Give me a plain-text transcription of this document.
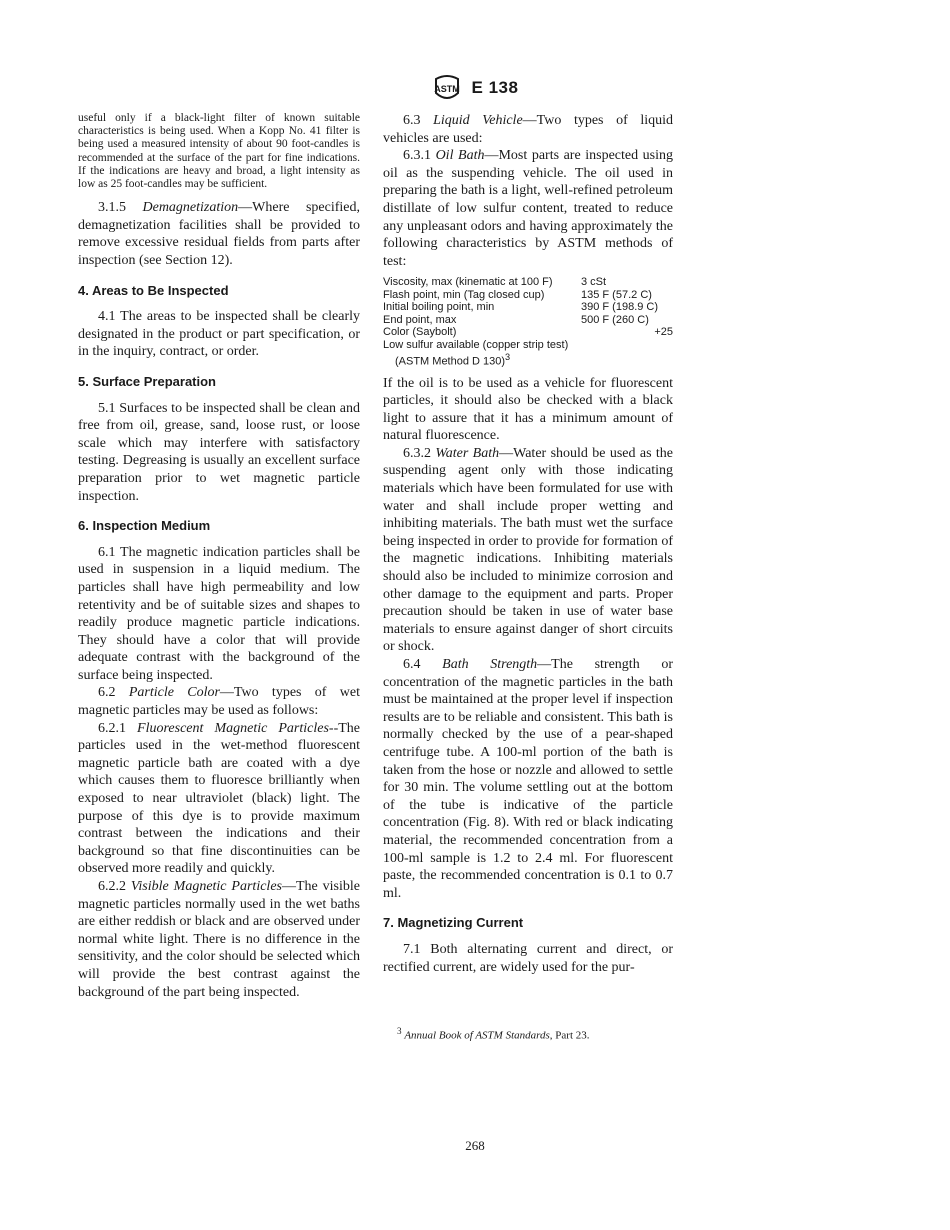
ASTM E 138

useful only if a black-light filter of known suitable characteristics is being used. When a Kopp No. 41 filter is being used a measured intensity of about 90 foot-candles is recommended at the surface of the part for fine indications. If the indications are heavy and broad, a light intensity as low as 25 foot-candles may be sufficient.

3.1.5 Demagnetization—Where specified, demagnetization facilities shall be provided to remove excessive residual fields from parts after inspection (see Section 12).

4. Areas to Be Inspected

4.1 The areas to be inspected shall be clearly designated in the product or part specification, or in the inquiry, contract, or order.

5. Surface Preparation

5.1 Surfaces to be inspected shall be clean and free from oil, grease, sand, loose rust, or loose scale which may interfere with satisfactory testing. Degreasing is usually an excellent surface preparation prior to wet magnetic particle inspection.

6. Inspection Medium

6.1 The magnetic indication particles shall be used in suspension in a liquid medium. The particles shall have high permeability and low retentivity and be of suitable sizes and shapes to readily produce magnetic particle indications. They should have a color that will provide adequate contrast with the background of the surface being inspected.

6.2 Particle Color—Two types of wet magnetic particles may be used as follows:

6.2.1 Fluorescent Magnetic Particles--The particles used in the wet-method fluorescent magnetic particle bath are coated with a dye which causes them to fluoresce brilliantly when exposed to near ultraviolet (black) light. The purpose of this dye is to provide maximum contrast between the indications and their background so that fine discontinuities can be observed more readily and quickly.

6.2.2 Visible Magnetic Particles—The visible magnetic particles normally used in the wet baths are either reddish or black and are observed under normal white light. There is no difference in the sensitivity, and the color should be selected which will provide the best contrast against the background of the part being inspected.

6.3 Liquid Vehicle—Two types of liquid vehicles are used:

6.3.1 Oil Bath—Most parts are inspected using oil as the suspending vehicle. The oil used in preparing the bath is a light, well-refined petroleum distillate of low sulfur content, treated to reduce any unpleasant odors and having approximately the following characteristics by ASTM methods of test:

Viscosity, max (kinematic at 100 F)	3 cSt
Flash point, min (Tag closed cup)	135 F (57.2 C)
Initial boiling point, min	390 F (198.9 C)
End point, max	500 F (260 C)
Color (Saybolt)	+25
Low sulfur available (copper strip test)
(ASTM Method D 130)$^3$

If the oil is to be used as a vehicle for fluorescent particles, it should also be checked with a black light to assure that it has a minimum amount of natural fluorescence.

6.3.2 Water Bath—Water should be used as the suspending agent only with those indicating materials which have been formulated for use with water and shall include proper wetting and inhibiting materials. The bath must wet the surface being inspected in order to provide for formation of the magnetic indications. Inhibiting materials should also be included to minimize corrosion and other damage to the equipment and parts. Proper precaution should be taken in use of water base materials to ensure against danger of short circuits or shock.

6.4 Bath Strength—The strength or concentration of the magnetic particles in the bath must be maintained at the proper level if inspection results are to be reliable and consistent. This bath is normally checked by the use of a pear-shaped centrifuge tube. A 100-ml portion of the bath is taken from the hose or nozzle and allowed to settle for 30 min. The volume settling out at the bottom of the tube is indicative of the particle concentration (Fig. 8). With red or black indicating material, the recommended concentration from a 100-ml sample is 1.2 to 2.4 ml. For fluorescent paste, the recommended concentration is 0.1 to 0.7 ml.

7. Magnetizing Current

7.1 Both alternating current and direct, or rectified current, are widely used for the pur-

$^3$ Annual Book of ASTM Standards, Part 23.
268
